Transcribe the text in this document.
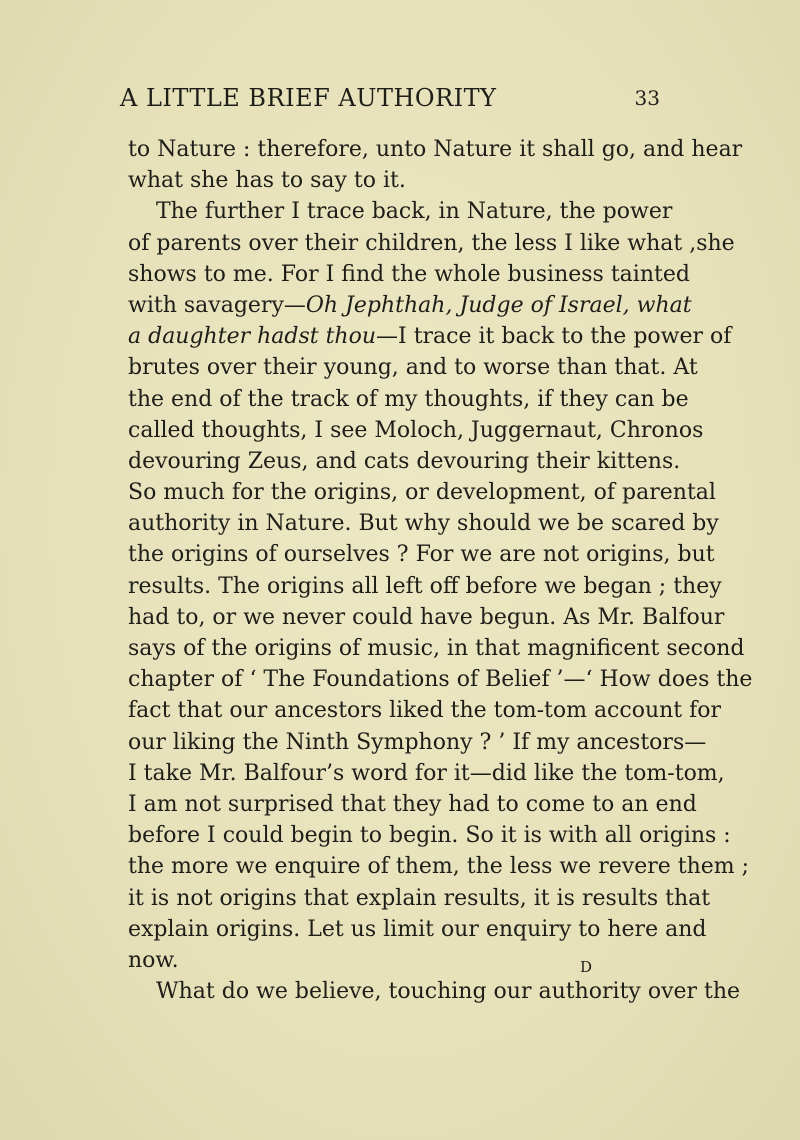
A LITTLE BRIEF AUTHORITY	33
to Nature : therefore, unto Nature it shall go, and hear
what she has to say to it.
The further I trace back, in Nature, the power
of parents over their children, the less I like what ,she
shows to me. For I find the whole business tainted
with savagery—Oh Jephthah, Judge of Israel, what
a daughter hadst thou—I trace it back to the power of
brutes over their young, and to worse than that. At
the end of the track of my thoughts, if they can be
called thoughts, I see Moloch, Juggernaut, Chronos
devouring Zeus, and cats devouring their kittens.
So much for the origins, or development, of parental
authority in Nature. But why should we be scared by
the origins of ourselves ? For we are not origins, but
results. The origins all left off before we began ; they
had to, or we never could have begun. As Mr. Balfour
says of the origins of music, in that magnificent second
chapter of ‘ The Foundations of Belief ’—‘ How does the
fact that our ancestors liked the tom-tom account for
our liking the Ninth Symphony ? ’ If my ancestors—
I take Mr. Balfour’s word for it—did like the tom-tom,
I am not surprised that they had to come to an end
before I could begin to begin. So it is with all origins :
the more we enquire of them, the less we revere them ;
it is not origins that explain results, it is results that
explain origins. Let us limit our enquiry to here and
now.
What do we believe, touching our authority over the
D
